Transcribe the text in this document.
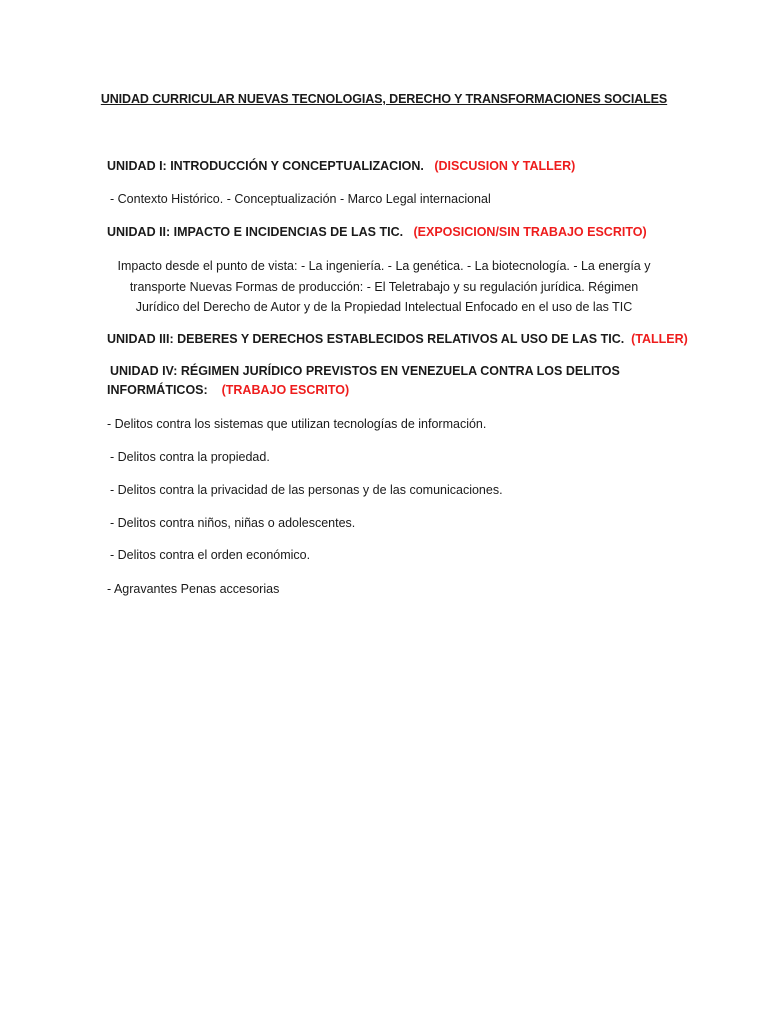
UNIDAD CURRICULAR NUEVAS TECNOLOGIAS, DERECHO Y TRANSFORMACIONES SOCIALES
UNIDAD I: INTRODUCCIÓN Y CONCEPTUALIZACION. (DISCUSION Y TALLER)
- Contexto Histórico. - Conceptualización - Marco Legal internacional
UNIDAD II: IMPACTO E INCIDENCIAS DE LAS TIC. (EXPOSICION/SIN TRABAJO ESCRITO)
Impacto desde el punto de vista: - La ingeniería. - La genética. - La biotecnología. - La energía y
transporte Nuevas Formas de producción: - El Teletrabajo y su regulación jurídica. Régimen
Jurídico del Derecho de Autor y de la Propiedad Intelectual Enfocado en el uso de las TIC
UNIDAD III: DEBERES Y DERECHOS ESTABLECIDOS RELATIVOS AL USO DE LAS TIC. (TALLER)
UNIDAD IV: RÉGIMEN JURÍDICO PREVISTOS EN VENEZUELA CONTRA LOS DELITOS
INFORMÁTICOS: (TRABAJO ESCRITO)
- Delitos contra los sistemas que utilizan tecnologías de información.
- Delitos contra la propiedad.
- Delitos contra la privacidad de las personas y de las comunicaciones.
- Delitos contra niños, niñas o adolescentes.
- Delitos contra el orden económico.
- Agravantes Penas accesorias
